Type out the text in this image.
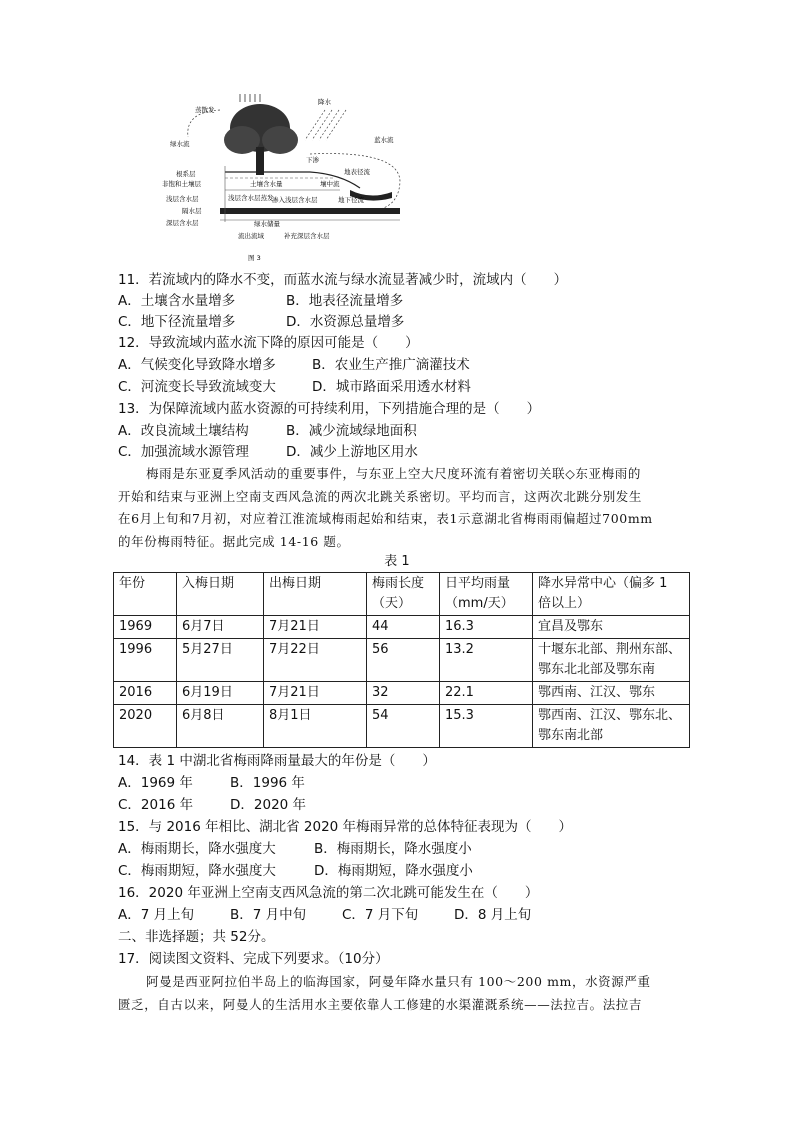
蒸散发
降水
绿水流	蓝水流
下渗
地表径流
根系层
非饱和土壤层
浅层含水层
隔水层
深层含水层
土壤含水量	壤中流
浅层含水层蒸发
渗入浅层含水层	地下径流
绿水储量
流出流域	补充深层含水层
图 3
11．若流域内的降水不变，而蓝水流与绿水流显著减少时，流域内（　　）
A．土壤含水量增多	B．地表径流量增多
C．地下径流量增多	D．水资源总量增多
12．导致流域内蓝水流下降的原因可能是（　　）
A．气候变化导致降水增多	B．农业生产推广滴灌技术
C．河流变长导致流域变大	D．城市路面采用透水材料
13．为保障流域内蓝水资源的可持续利用，下列措施合理的是（　　）
A．改良流域土壤结构	B．减少流域绿地面积
C．加强流域水源管理	D．减少上游地区用水
梅雨是东亚夏季风活动的重要事件，与东亚上空大尺度环流有着密切关联◇东亚梅雨的
开始和结束与亚洲上空南支西风急流的两次北跳关系密切。平均而言，这两次北跳分别发生
在6月上旬和7月初，对应着江淮流域梅雨起始和结束，表1示意湖北省梅雨雨偏超过700mm
的年份梅雨特征。据此完成 14-16 题。
表 1
年份	入梅日期	出梅日期	梅雨长度（天）	日平均雨量（mm/天）	降水异常中心（偏多 1 倍以上）
1969	6月7日	7月21日	44	16.3	宜昌及鄂东
1996	5月27日	7月22日	56	13.2	十堰东北部、荆州东部、鄂东北北部及鄂东南
2016	6月19日	7月21日	32	22.1	鄂西南、江汉、鄂东
2020	6月8日	8月1日	54	15.3	鄂西南、江汉、鄂东北、鄂东南北部
14．表 1 中湖北省梅雨降雨量最大的年份是（　　）
A．1969 年	B．1996 年
C．2016 年	D．2020 年
15．与 2016 年相比、湖北省 2020 年梅雨异常的总体特征表现为（　　）
A．梅雨期长，降水强度大	B．梅雨期长，降水强度小
C．梅雨期短，降水强度大	D．梅雨期短，降水强度小
16．2020 年亚洲上空南支西风急流的第二次北跳可能发生在（　　）
A．7 月上旬	B．7 月中旬	C．7 月下旬	D．8 月上旬
二、非选择题；共 52分。
17．阅读图文资料、完成下列要求。（10分）
阿曼是西亚阿拉伯半岛上的临海国家，阿曼年降水量只有 100～200 mm，水资源严重
匮乏，自古以来，阿曼人的生活用水主要依靠人工修建的水渠灌溉系统——法拉吉。法拉吉
